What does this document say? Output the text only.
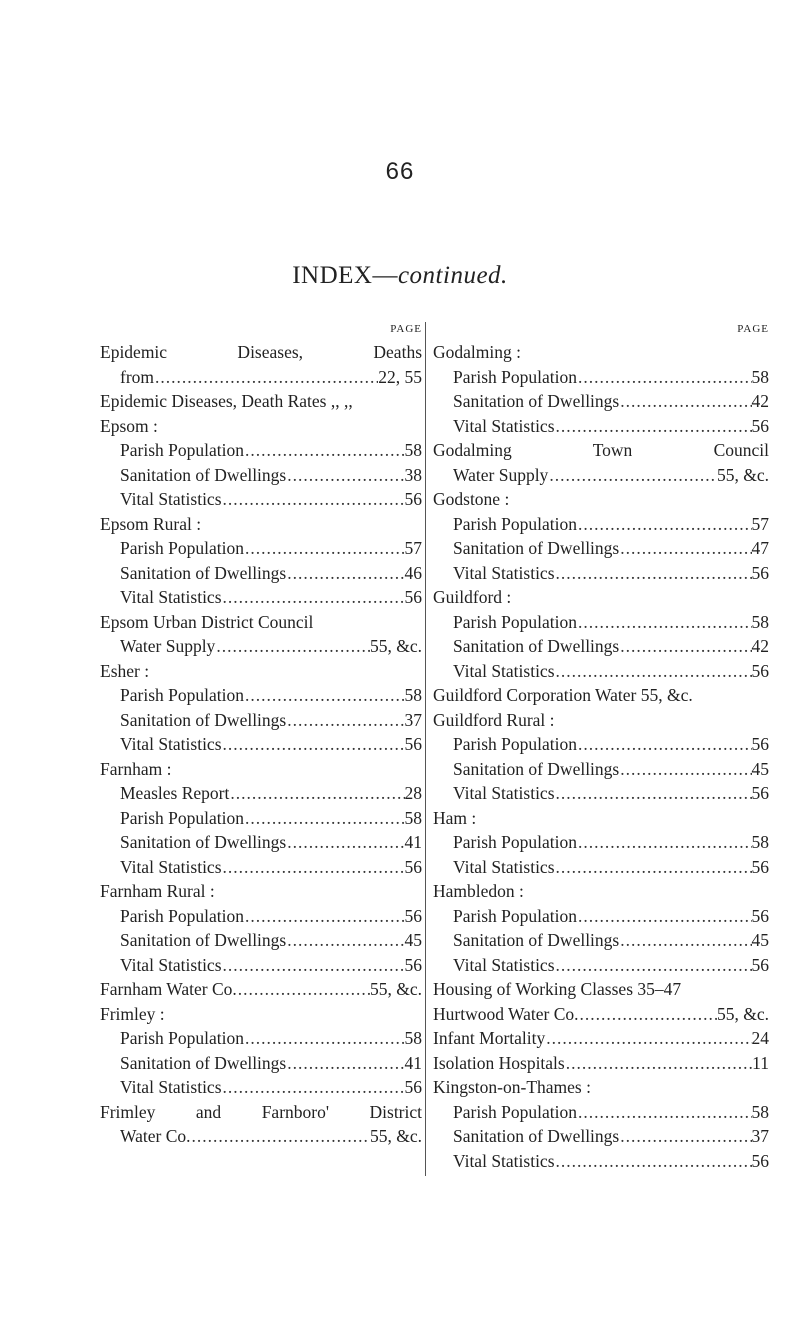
66
INDEX—continued.
PAGE
Epidemic Diseases, Deaths
from .....	22, 55
Epidemic Diseases, Death Rates ,, ,,
Epsom :
Parish Population .....	58
Sanitation of Dwellings .....	38
Vital Statistics .....	56
Epsom Rural :
Parish Population .....	57
Sanitation of Dwellings .....	46
Vital Statistics .....	56
Epsom Urban District Council
Water Supply .....	55, &c.
Esher :
Parish Population .....	58
Sanitation of Dwellings .....	37
Vital Statistics .....	56
Farnham :
Measles Report .....	28
Parish Population .....	58
Sanitation of Dwellings .....	41
Vital Statistics .....	56
Farnham Rural :
Parish Population .....	56
Sanitation of Dwellings .....	45
Vital Statistics .....	56
Farnham Water Co. .....	55, &c.
Frimley :
Parish Population .....	58
Sanitation of Dwellings .....	41
Vital Statistics .....	56
Frimley and Farnboro' District
Water Co. .....	55, &c.
PAGE
Godalming :
Parish Population .....	58
Sanitation of Dwellings .....	42
Vital Statistics .....	56
Godalming Town Council
Water Supply .....	55, &c.
Godstone :
Parish Population .....	57
Sanitation of Dwellings .....	47
Vital Statistics .....	56
Guildford :
Parish Population .....	58
Sanitation of Dwellings .....	42
Vital Statistics .....	56
Guildford Corporation Water 55, &c.
Guildford Rural :
Parish Population .....	56
Sanitation of Dwellings .....	45
Vital Statistics .....	56
Ham :
Parish Population .....	58
Vital Statistics .....	56
Hambledon :
Parish Population .....	56
Sanitation of Dwellings .....	45
Vital Statistics .....	56
Housing of Working Classes 35–47
Hurtwood Water Co. .....	55, &c.
Infant Mortality .....	24
Isolation Hospitals .....	11
Kingston-on-Thames :
Parish Population .....	58
Sanitation of Dwellings .....	37
Vital Statistics .....	56
